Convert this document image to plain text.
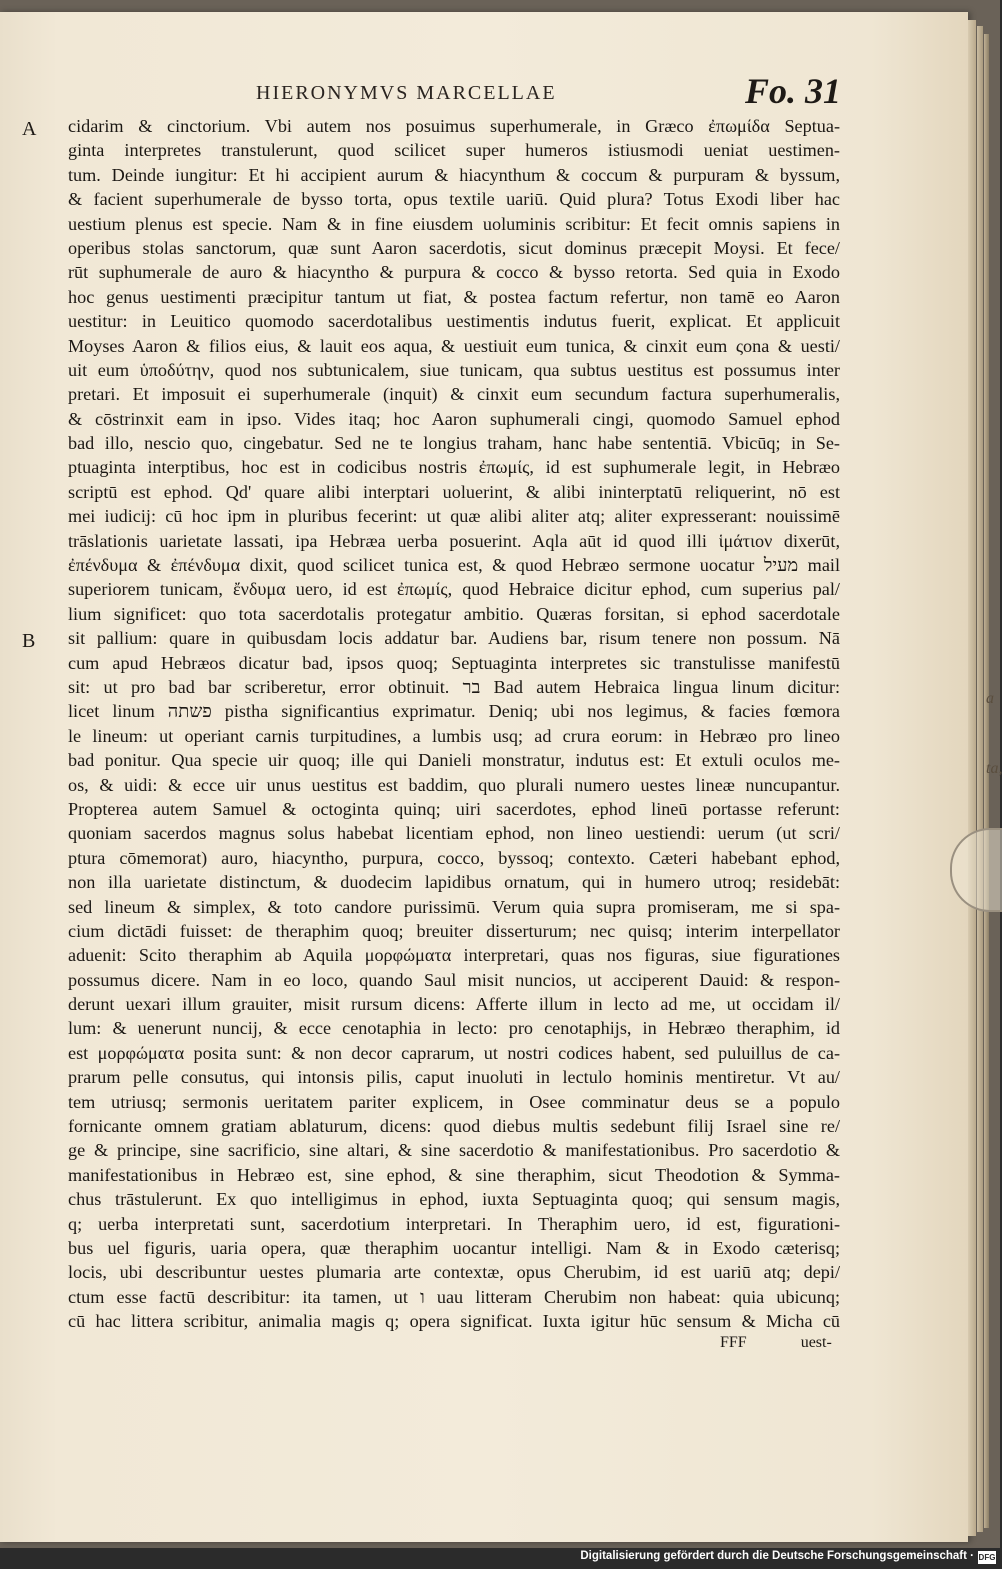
a
ta,
HIERONYMVS MARCELLAE	Fo. 31
A
B
cidarim & cinctorium. Vbi autem nos posuimus superhumerale, in Græco ἐπωμίδα Septua-
ginta interpretes transtulerunt, quod scilicet super humeros istiusmodi ueniat uestimen-
tum. Deinde iungitur: Et hi accipient aurum & hiacynthum & coccum & purpuram & byssum,
& facient superhumerale de bysso torta, opus textile uariū. Quid plura? Totus Exodi liber hac
uestium plenus est specie. Nam & in fine eiusdem uoluminis scribitur: Et fecit omnis sapiens in
operibus stolas sanctorum, quæ sunt Aaron sacerdotis, sicut dominus præcepit Moysi. Et fece/
rūt suphumerale de auro & hiacyntho & purpura & cocco & bysso retorta. Sed quia in Exodo
hoc genus uestimenti præcipitur tantum ut fiat, & postea factum refertur, non tamē eo Aaron
uestitur: in Leuitico quomodo sacerdotalibus uestimentis indutus fuerit, explicat. Et applicuit
Moyses Aaron & filios eius, & lauit eos aqua, & uestiuit eum tunica, & cinxit eum ςona & uesti/
uit eum ὑποδύτην, quod nos subtunicalem, siue tunicam, qua subtus uestitus est possumus inter
pretari. Et imposuit ei superhumerale (inquit) & cinxit eum secundum factura superhumeralis,
& cōstrinxit eam in ipso. Vides itaq; hoc Aaron suphumerali cingi, quomodo Samuel ephod
bad illo, nescio quo, cingebatur. Sed ne te longius traham, hanc habe sententiā. Vbicūq; in Se-
ptuaginta interptibus, hoc est in codicibus nostris ἐπωμίς, id est suphumerale legit, in Hebræo
scriptū est ephod. Qd' quare alibi interptari uoluerint, & alibi ininterptatū reliquerint, nō est
mei iudicij: cū hoc ipm in pluribus fecerint: ut quæ alibi aliter atq; aliter expresserant: nouissimē
trāslationis uarietate lassati, ipa Hebræa uerba posuerint. Aqla aūt id quod illi ἱμάτιον dixerūt,
ἐπένδυμα & ἐπένδυμα dixit, quod scilicet tunica est, & quod Hebræo sermone uocatur מעיל mail
superiorem tunicam, ἔνδυμα uero, id est ἐπωμίς, quod Hebraice dicitur ephod, cum superius pal/
lium significet: quo tota sacerdotalis protegatur ambitio. Quæras forsitan, si ephod sacerdotale
sit pallium: quare in quibusdam locis addatur bar. Audiens bar, risum tenere non possum. Nā
cum apud Hebræos dicatur bad, ipsos quoq; Septuaginta interpretes sic transtulisse manifestū
sit: ut pro bad bar scriberetur, error obtinuit. בר Bad autem Hebraica lingua linum dicitur:
licet linum פשתה pistha significantius exprimatur. Deniq; ubi nos legimus, & facies fœmora
le lineum: ut operiant carnis turpitudines, a lumbis usq; ad crura eorum: in Hebræo pro lineo
bad ponitur. Qua specie uir quoq; ille qui Danieli monstratur, indutus est: Et extuli oculos me-
os, & uidi: & ecce uir unus uestitus est baddim, quo plurali numero uestes lineæ nuncupantur.
Propterea autem Samuel & octoginta quinq; uiri sacerdotes, ephod lineū portasse referunt:
quoniam sacerdos magnus solus habebat licentiam ephod, non lineo uestiendi: uerum (ut scri/
ptura cōmemorat) auro, hiacyntho, purpura, cocco, byssoq; contexto. Cæteri habebant ephod,
non illa uarietate distinctum, & duodecim lapidibus ornatum, qui in humero utroq; residebāt:
sed lineum & simplex, & toto candore purissimū. Verum quia supra promiseram, me si spa-
cium dictādi fuisset: de theraphim quoq; breuiter disserturum; nec quisq; interim interpellator
aduenit: Scito theraphim ab Aquila μορφώματα interpretari, quas nos figuras, siue figurationes
possumus dicere. Nam in eo loco, quando Saul misit nuncios, ut acciperent Dauid: & respon-
derunt uexari illum grauiter, misit rursum dicens: Afferte illum in lecto ad me, ut occidam il/
lum: & uenerunt nuncij, & ecce cenotaphia in lecto: pro cenotaphijs, in Hebræo theraphim, id
est μορφώματα posita sunt: & non decor caprarum, ut nostri codices habent, sed puluillus de ca-
prarum pelle consutus, qui intonsis pilis, caput inuoluti in lectulo hominis mentiretur. Vt au/
tem utriusq; sermonis ueritatem pariter explicem, in Osee comminatur deus se a populo
fornicante omnem gratiam ablaturum, dicens: quod diebus multis sedebunt filij Israel sine re/
ge & principe, sine sacrificio, sine altari, & sine sacerdotio & manifestationibus. Pro sacerdotio &
manifestationibus in Hebræo est, sine ephod, & sine theraphim, sicut Theodotion & Symma-
chus trāstulerunt. Ex quo intelligimus in ephod, iuxta Septuaginta quoq; qui sensum magis,
q; uerba interpretati sunt, sacerdotium interpretari. In Theraphim uero, id est, figurationi-
bus uel figuris, uaria opera, quæ theraphim uocantur intelligi. Nam & in Exodo cæterisq;
locis, ubi describuntur uestes plumaria arte contextæ, opus Cherubim, id est uariū atq; depi/
ctum esse factū describitur: ita tamen, ut ו uau litteram Cherubim non habeat: quia ubicunq;
cū hac littera scribitur, animalia magis q; opera significat. Iuxta igitur hūc sensum & Micha cū
FFF	uest-
Digitalisierung gefördert durch die Deutsche Forschungsgemeinschaft · DFG
